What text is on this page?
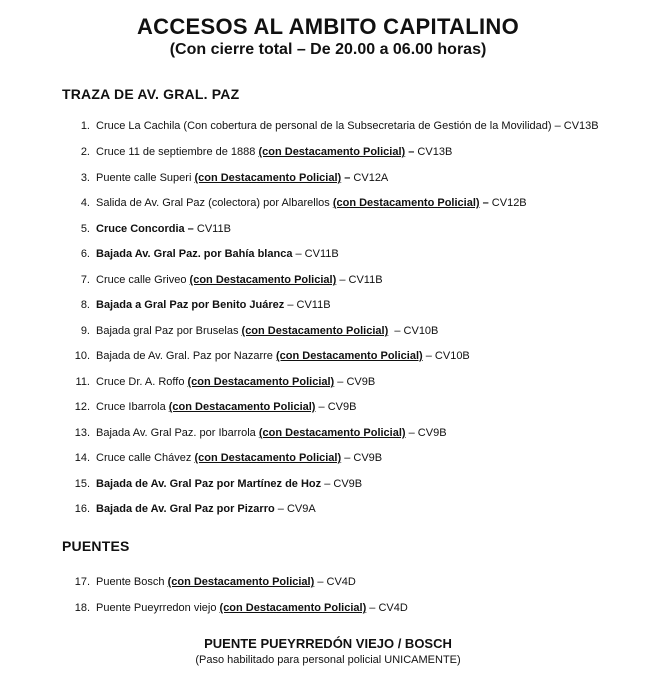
ACCESOS AL AMBITO CAPITALINO
(Con cierre total – De 20.00 a 06.00 horas)
TRAZA DE AV. GRAL. PAZ
PUENTES
1. Cruce La Cachila (Con cobertura de personal de la Subsecretaria de Gestión de la Movilidad) – CV13B
2. Cruce 11 de septiembre de 1888 (con Destacamento Policial) – CV13B
3. Puente calle Superi (con Destacamento Policial) – CV12A
4. Salida de Av. Gral Paz (colectora) por Albarellos (con Destacamento Policial) – CV12B
5. Cruce Concordia – CV11B
6. Bajada Av. Gral Paz. por Bahía blanca – CV11B
7. Cruce calle Griveo (con Destacamento Policial) – CV11B
8. Bajada a Gral Paz por Benito Juárez – CV11B
9. Bajada gral Paz por Bruselas (con Destacamento Policial)  – CV10B
10. Bajada de Av. Gral. Paz por Nazarre (con Destacamento Policial) – CV10B
11. Cruce Dr. A. Roffo (con Destacamento Policial) – CV9B
12. Cruce Ibarrola (con Destacamento Policial) – CV9B
13. Bajada Av. Gral Paz. por Ibarrola (con Destacamento Policial) – CV9B
14. Cruce calle Chávez (con Destacamento Policial) – CV9B
15. Bajada de Av. Gral Paz por Martínez de Hoz – CV9B
16. Bajada de Av. Gral Paz por Pizarro – CV9A
17. Puente Bosch (con Destacamento Policial) – CV4D
18. Puente Pueyrredon viejo (con Destacamento Policial) – CV4D
PUENTE PUEYRREDÓN VIEJO / BOSCH
(Paso habilitado para personal policial UNICAMENTE)
